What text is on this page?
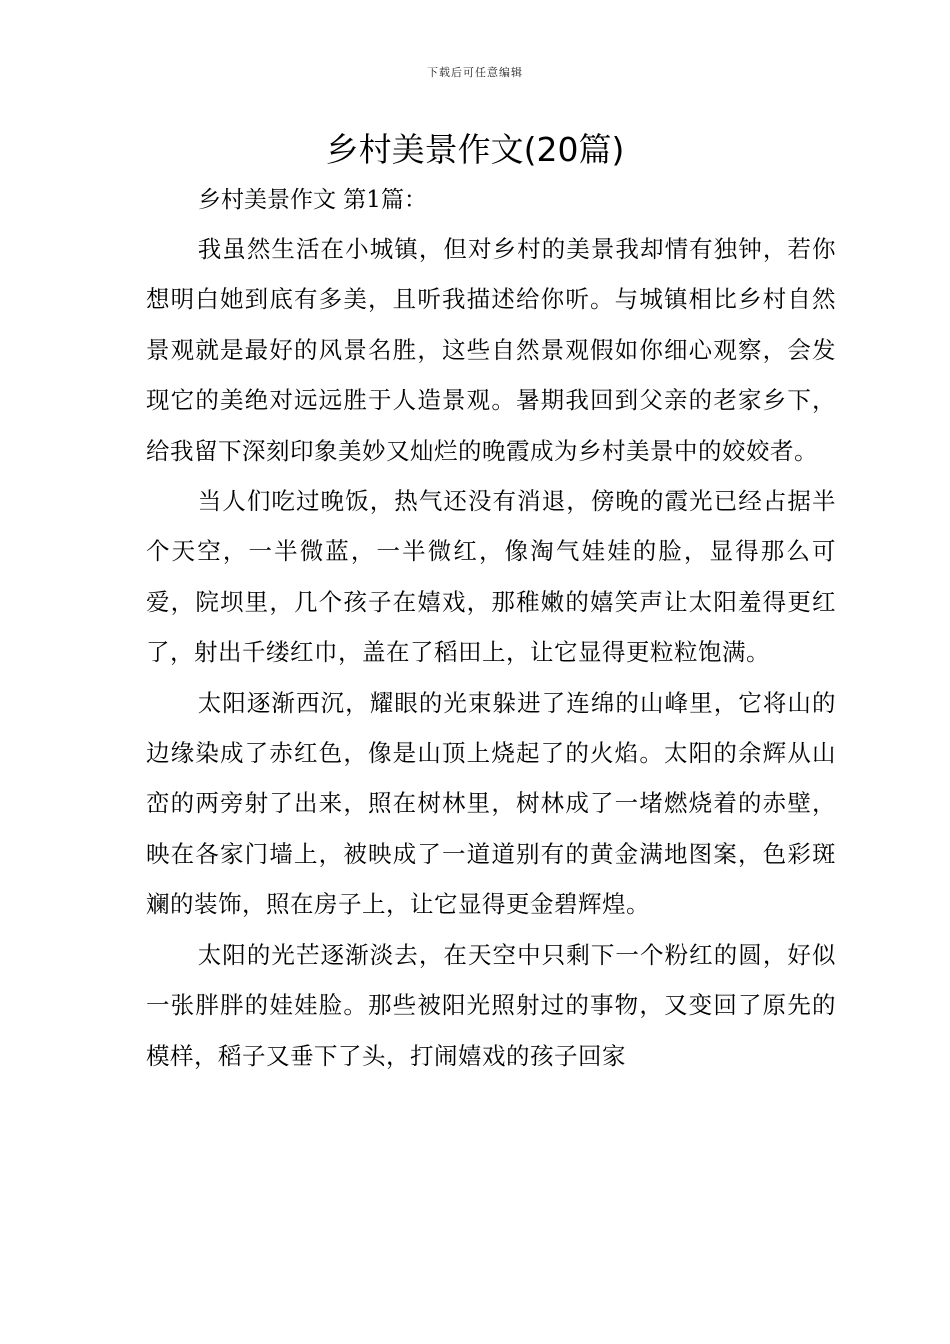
下载后可任意编辑
乡村美景作文(20篇)
乡村美景作文 第1篇：

我虽然生活在小城镇，但对乡村的美景我却情有独钟，若你想明白她到底有多美，且听我描述给你听。与城镇相比乡村自然景观就是最好的风景名胜，这些自然景观假如你细心观察，会发现它的美绝对远远胜于人造景观。暑期我回到父亲的老家乡下，给我留下深刻印象美妙又灿烂的晚霞成为乡村美景中的姣姣者。

当人们吃过晚饭，热气还没有消退，傍晚的霞光已经占据半个天空，一半微蓝，一半微红，像淘气娃娃的脸，显得那么可爱，院坝里，几个孩子在嬉戏，那稚嫩的嬉笑声让太阳羞得更红了，射出千缕红巾，盖在了稻田上，让它显得更粒粒饱满。

太阳逐渐西沉，耀眼的光束躲进了连绵的山峰里，它将山的边缘染成了赤红色，像是山顶上烧起了的火焰。太阳的余辉从山峦的两旁射了出来，照在树林里，树林成了一堵燃烧着的赤壁，映在各家门墙上，被映成了一道道别有的黄金满地图案，色彩斑斓的装饰，照在房子上，让它显得更金碧辉煌。

太阳的光芒逐渐淡去，在天空中只剩下一个粉红的圆，好似一张胖胖的娃娃脸。那些被阳光照射过的事物，又变回了原先的模样，稻子又垂下了头，打闹嬉戏的孩子回家
